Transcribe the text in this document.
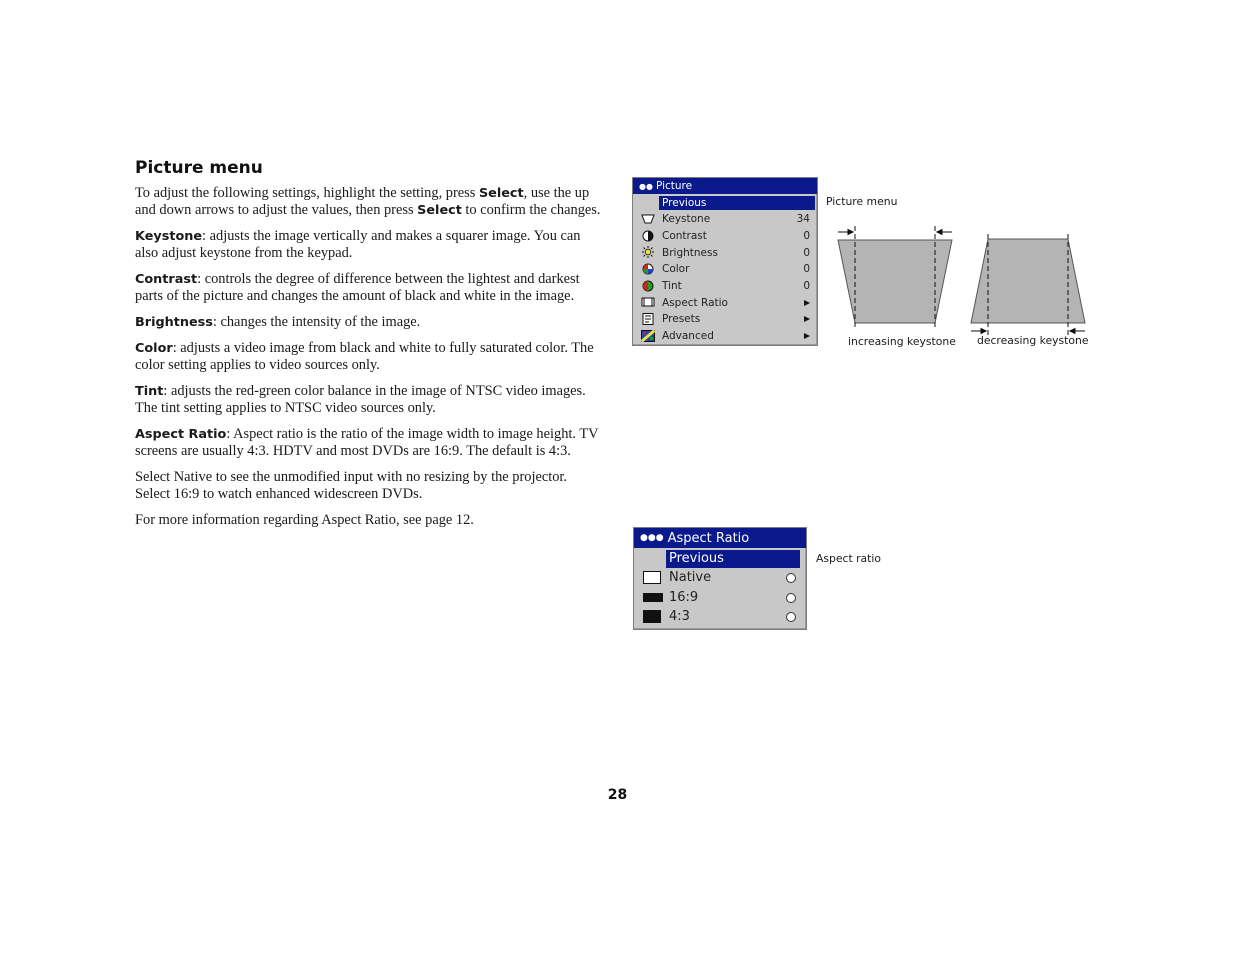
Picture menu

To adjust the following settings, highlight the setting, press Select, use the up and down arrows to adjust the values, then press Select to confirm the changes.

Keystone: adjusts the image vertically and makes a squarer image. You can also adjust keystone from the keypad.

Contrast: controls the degree of difference between the lightest and darkest parts of the picture and changes the amount of black and white in the image.

Brightness: changes the intensity of the image.

Color: adjusts a video image from black and white to fully saturated color. The color setting applies to video sources only.

Tint: adjusts the red-green color balance in the image of NTSC video images. The tint setting applies to NTSC video sources only.

Aspect Ratio: Aspect ratio is the ratio of the image width to image height. TV screens are usually 4:3. HDTV and most DVDs are 16:9. The default is 4:3.

Select Native to see the unmodified input with no resizing by the projector. Select 16:9 to watch enhanced widescreen DVDs.

For more information regarding Aspect Ratio, see page 12.

●● Picture
Previous
Keystone	34
Contrast	0
Brightness	0
Color	0
Tint	0
Aspect Ratio
Presets
Advanced
Picture menu
increasing keystone decreasing keystone
●●● Aspect Ratio
Previous
Native
16:9
4:3
Aspect ratio
28
